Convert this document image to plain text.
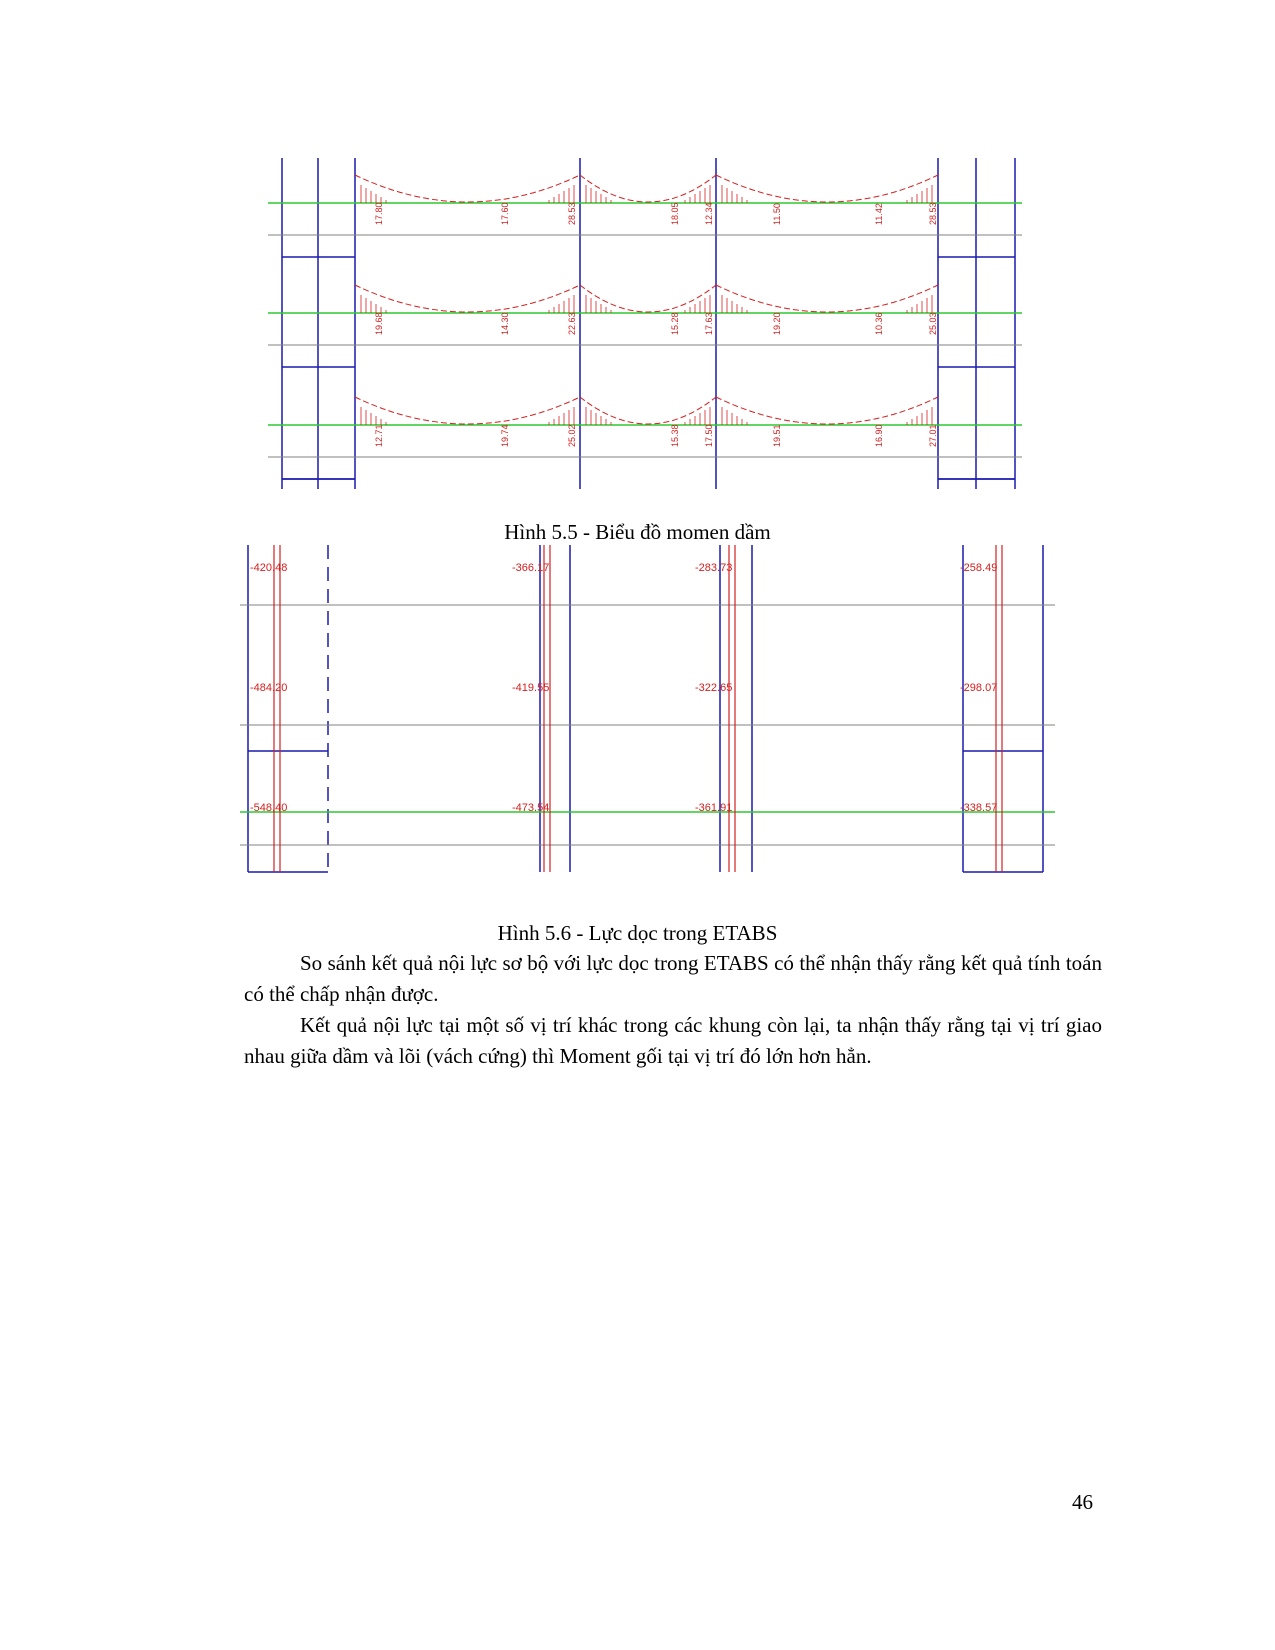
17.80	17.60	28.53	18.05	12.34	11.50	11.42	28.53
19.68	14.30	22.63	15.28	17.63	19.20	10.36	25.03
12.71	19.74	25.02	15.38	17.50	19.51	16.90	27.01
Hình 5.5 - Biểu đồ momen dầm
-420.48
-484.20
-548.40
-366.17
-419.55
-473.54
-283.73
-322.65
-361.91
-258.49
-298.07
-338.57
Hình 5.6 - Lực dọc trong ETABS

So sánh kết quả nội lực sơ bộ với lực dọc trong ETABS có thể nhận thấy rằng kết quả tính toán có thể chấp nhận được.

Kết quả nội lực tại một số vị trí khác trong các khung còn lại, ta nhận thấy rằng tại vị trí giao nhau giữa dầm và lõi (vách cứng) thì Moment gối tại vị trí đó lớn hơn hẳn.

46
